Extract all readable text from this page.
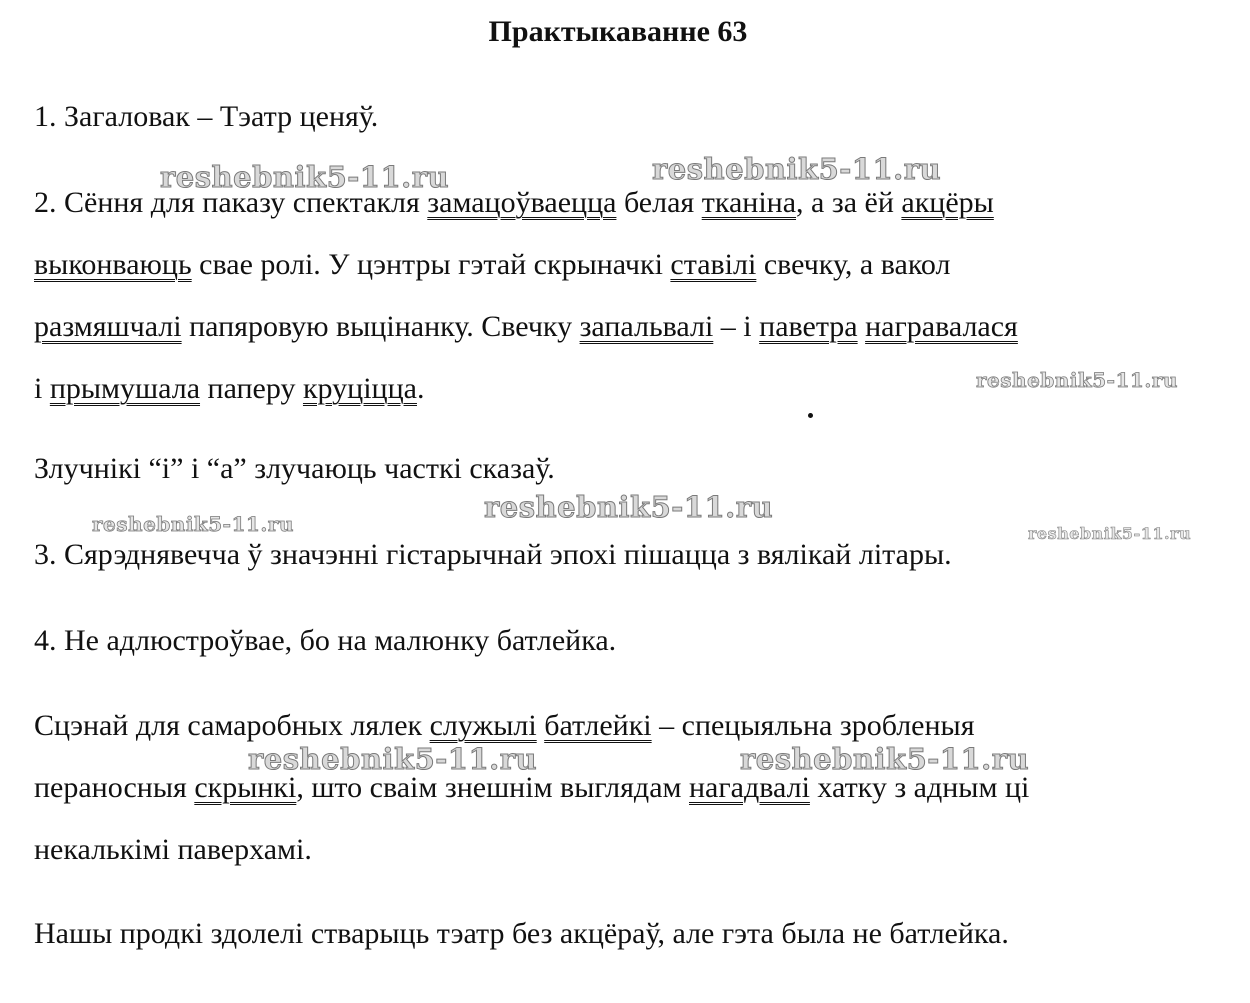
Практыкаванне 63
1. Загаловак – Тэатр ценяў.
2. Сёння для паказу спектакля замацоўваецца белая тканіна, а за ёй акцёры
выконваюць свае ролі. У цэнтры гэтай скрыначкі ставілі свечку, а вакол
размяшчалі папяровую выцінанку. Свечку запальвалі – і паветра награвалася
і прымушала паперу круціцца.
Злучнікі “і” і “а” злучаюць часткі сказаў.
3. Сярэднявечча ў значэнні гістарычнай эпохі пішацца з вялікай літары.
4. Не адлюстроўвае, бо на малюнку батлейка.
Сцэнай для самаробных лялек служылі батлейкі – спецыяльна зробленыя
пераносныя скрынкі, што сваім знешнім выглядам нагадвалі хатку з адным ці
некалькімі паверхамі.
Нашы продкі здолелі стварыць тэатр без акцёраў, але гэта была не батлейка.
reshebnik5-11.ru	reshebnik5-11.ru
reshebnik5-11.ru
reshebnik5-11.ru
reshebnik5-11.ru	reshebnik5-11.ru
reshebnik5-11.ru	reshebnik5-11.ru
